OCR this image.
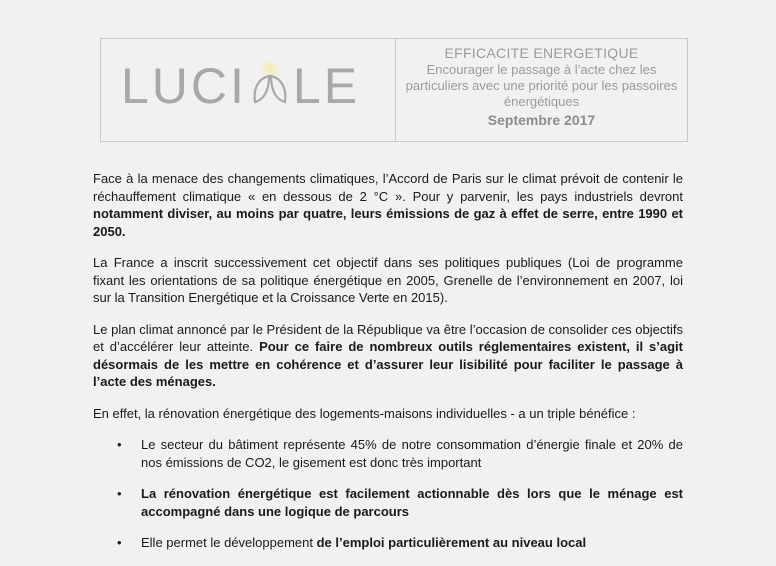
LUCI LE
EFFICACITE ENERGETIQUE
Encourager le passage à l’acte chez les particuliers avec une priorité pour les passoires énergétiques
Septembre 2017

Face à la menace des changements climatiques, l’Accord de Paris sur le climat prévoit de contenir le réchauffement climatique « en dessous de 2 °C ». Pour y parvenir, les pays industriels devront notamment diviser, au moins par quatre, leurs émissions de gaz à effet de serre, entre 1990 et 2050.

La France a inscrit successivement cet objectif dans ses politiques publiques (Loi de programme fixant les orientations de sa politique énergétique en 2005, Grenelle de l’environnement en 2007, loi sur la Transition Energétique et la Croissance Verte en 2015).

Le plan climat annoncé par le Président de la République va être l’occasion de consolider ces objectifs et d’accélérer leur atteinte. Pour ce faire de nombreux outils réglementaires existent, il s’agit désormais de les mettre en cohérence et d’assurer leur lisibilité pour faciliter le passage à l’acte des ménages.

En effet, la rénovation énergétique des logements-maisons individuelles - a un triple bénéfice :

• Le secteur du bâtiment représente 45% de notre consommation d’énergie finale et 20% de nos émissions de CO2, le gisement est donc très important
• La rénovation énergétique est facilement actionnable dès lors que le ménage est accompagné dans une logique de parcours
• Elle permet le développement de l’emploi particulièrement au niveau local
